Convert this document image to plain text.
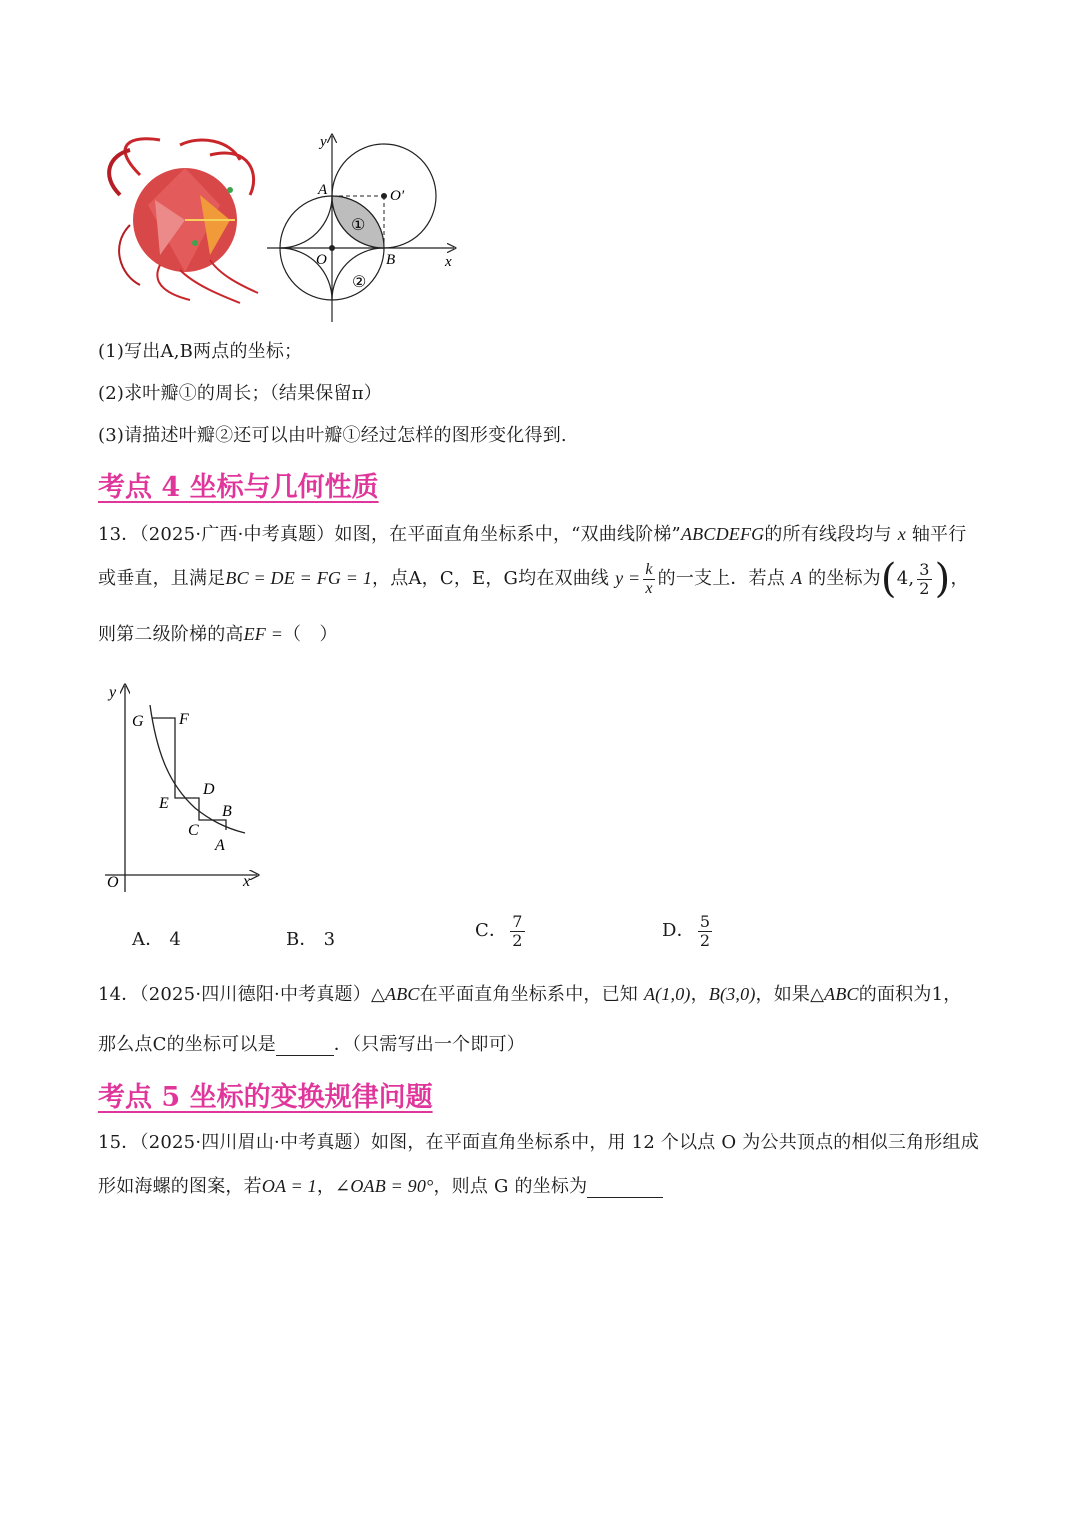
y
x
A
B
O
O′
①
②
(1)写出A,B两点的坐标；
(2)求叶瓣①的周长；（结果保留π）
(3)请描述叶瓣②还可以由叶瓣①经过怎样的图形变化得到.
考点 4 坐标与几何性质
13．（2025·广西·中考真题）如图，在平面直角坐标系中，“双曲线阶梯”ABCDEFG的所有线段均与 x 轴平行
或垂直，且满足BC = DE = FG = 1，点A，C，E，G均在双曲线 $y = \frac{k}{x}$ 的一支上．若点 A 的坐标为(4, $\frac{3}{2}$ )，
则第二级阶梯的高EF =（　）
y
x
O
G F
E
D
C
B
A
A． 4	B． 3	C． $\frac{7}{2}$	D． $\frac{5}{2}$
14．（2025·四川德阳·中考真题）△ABC在平面直角坐标系中，已知 A(1,0)，B(3,0)，如果△ABC的面积为1，
那么点C的坐标可以是	．（只需写出一个即可）
考点 5 坐标的变换规律问题
15．（2025·四川眉山·中考真题）如图，在平面直角坐标系中，用 12 个以点 O 为公共顶点的相似三角形组成
形如海螺的图案，若OA = 1，∠OAB = 90°，则点 G 的坐标为
